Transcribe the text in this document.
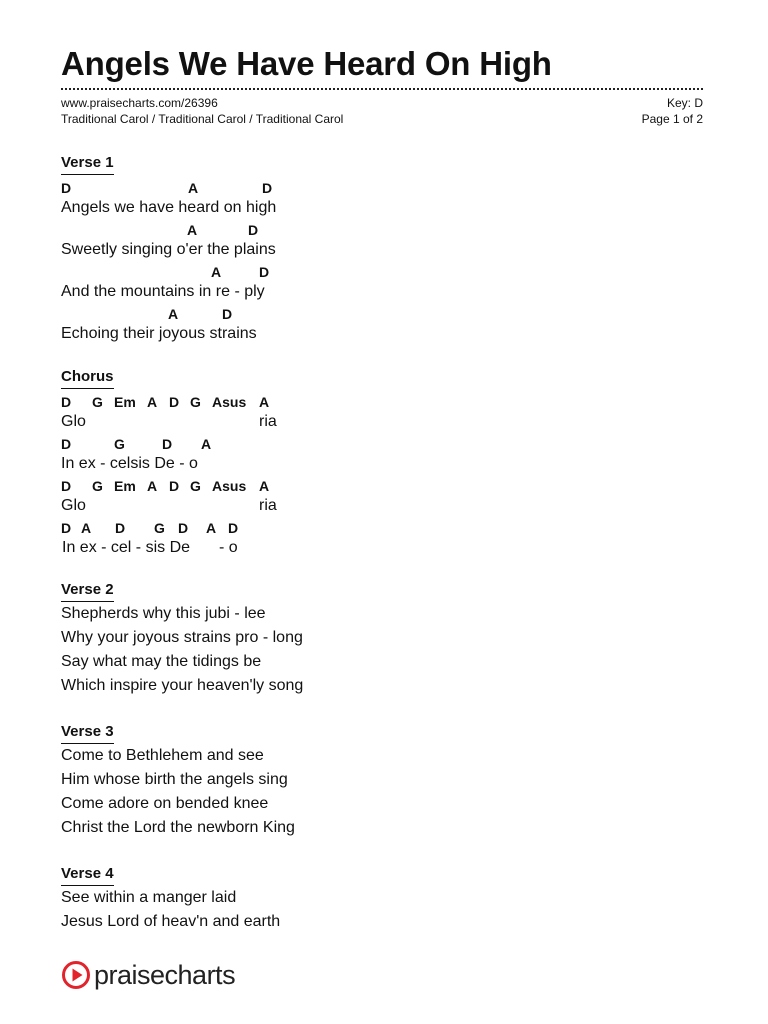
Angels We Have Heard On High
www.praisecharts.com/26396
Traditional Carol / Traditional Carol / Traditional Carol
Key: D
Page 1 of 2
Verse 1
D	A	D
Angels we have heard on high
A	D
Sweetly singing o'er the plains
A	D
And the mountains in re - ply
A	D
Echoing their joyous strains
Chorus
D G Em A D G Asus A

Glo

	ria

D	G	D A
In ex - celsis De - o
D G Em A D G Asus A

Glo

	ria

D A D G D A D

In ex - cel - sis De

- o

Verse 2
Shepherds why this jubi - lee
Why your joyous strains pro - long
Say what may the tidings be
Which inspire your heaven'ly song
Verse 3
Come to Bethlehem and see
Him whose birth the angels sing
Come adore on bended knee
Christ the Lord the newborn King
Verse 4
See within a manger laid
Jesus Lord of heav'n and earth
praisecharts
